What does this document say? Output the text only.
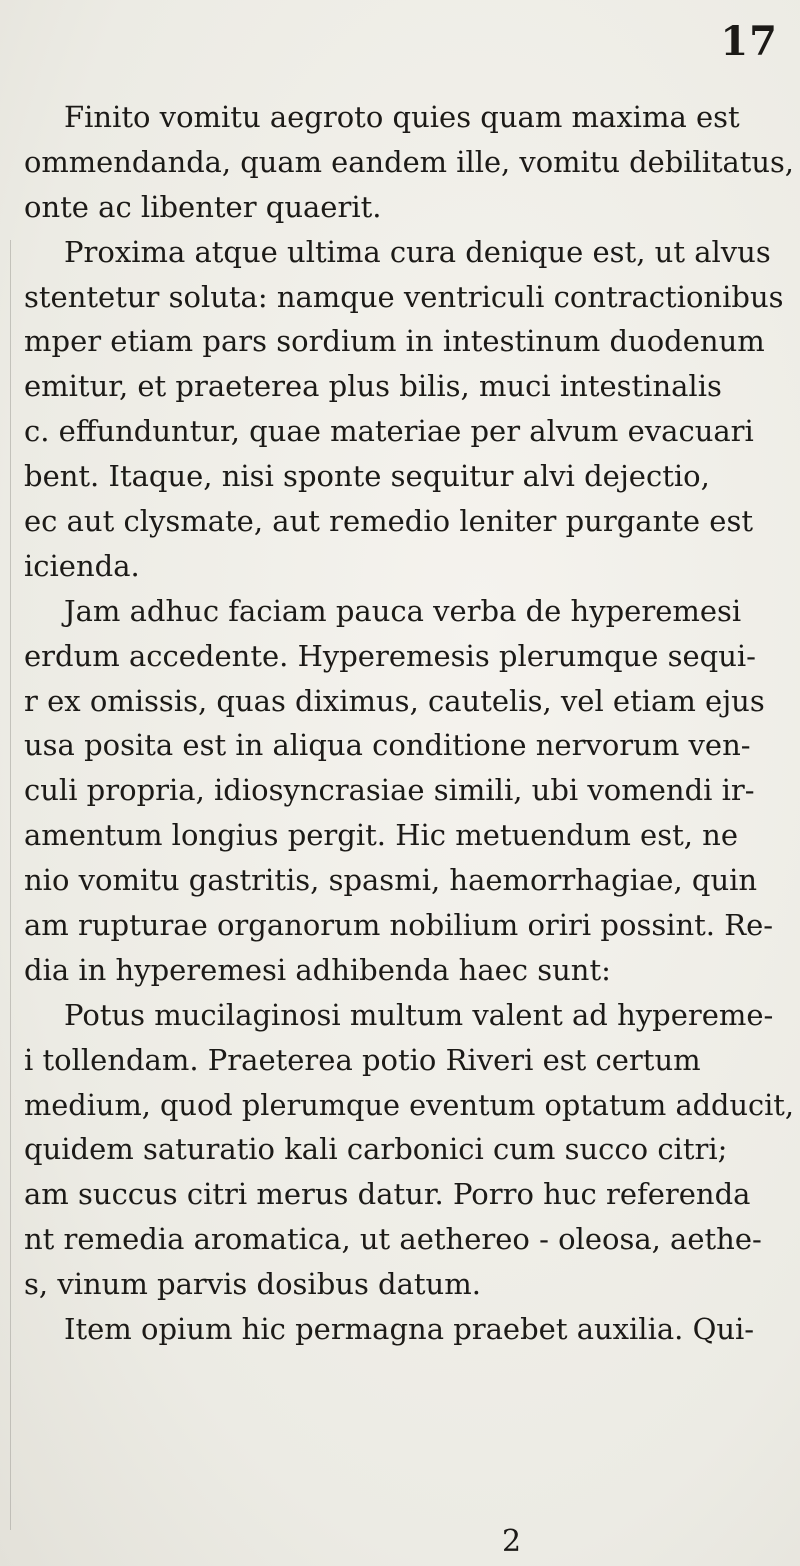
17
Finito vomitu aegroto quies quam maxima est
ommendanda, quam eandem ille, vomitu debilitatus,
onte ac libenter quaerit.
Proxima atque ultima cura denique est, ut alvus
stentetur soluta: namque ventriculi contractionibus
mper etiam pars sordium in intestinum duodenum
emitur, et praeterea plus bilis, muci intestinalis
c. effunduntur, quae materiae per alvum evacuari
bent. Itaque, nisi sponte sequitur alvi dejectio,
ec aut clysmate, aut remedio leniter purgante est
icienda.
Jam adhuc faciam pauca verba de hyperemesi
erdum accedente. Hyperemesis plerumque sequi-
r ex omissis, quas diximus, cautelis, vel etiam ejus
usa posita est in aliqua conditione nervorum ven-
culi propria, idiosyncrasiae simili, ubi vomendi ir-
amentum longius pergit. Hic metuendum est, ne
nio vomitu gastritis, spasmi, haemorrhagiae, quin
am rupturae organorum nobilium oriri possint. Re-
dia in hyperemesi adhibenda haec sunt:
Potus mucilaginosi multum valent ad hypereme-
i tollendam. Praeterea potio Riveri est certum
medium, quod plerumque eventum optatum adducit,
quidem saturatio kali carbonici cum succo citri;
am succus citri merus datur. Porro huc referenda
nt remedia aromatica, ut aethereo - oleosa, aethe-
s, vinum parvis dosibus datum.
Item opium hic permagna praebet auxilia. Qui-
2
